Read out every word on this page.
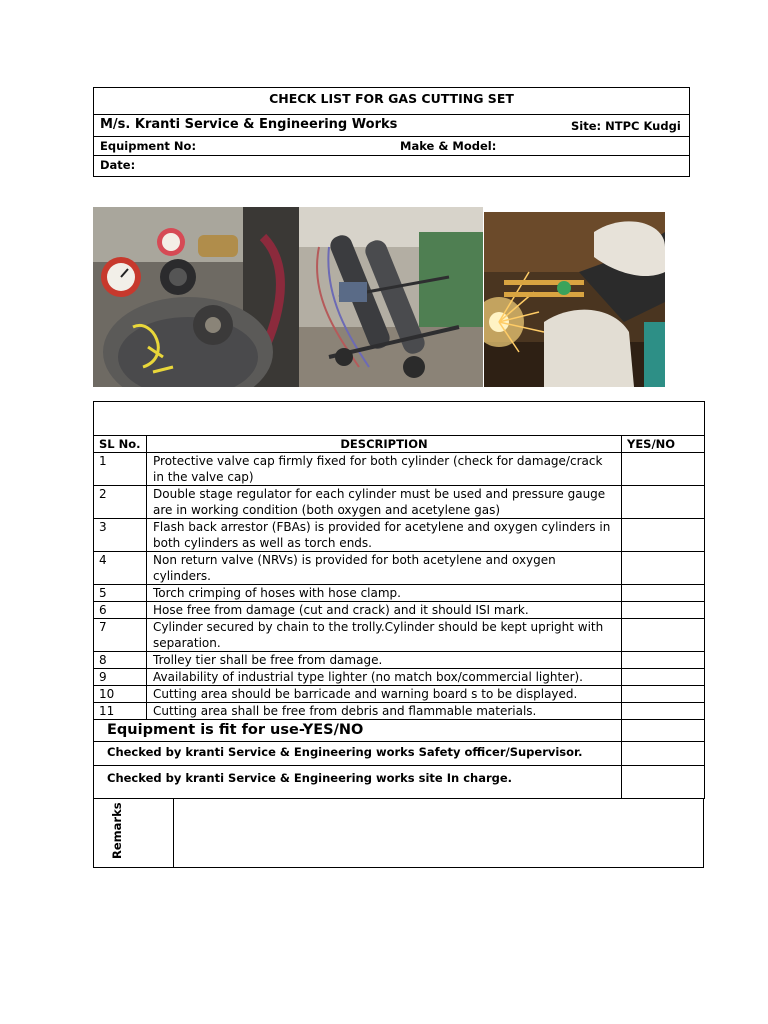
CHECK LIST FOR GAS CUTTING SET
M/s. Kranti Service & Engineering Works	Site: NTPC Kudgi
Equipment No:	Make & Model:
Date:

SL No.	DESCRIPTION	YES/NO
1	Protective valve cap firmly fixed for both cylinder (check for damage/crack in the valve cap)	
2	Double stage regulator for each cylinder must be used and pressure gauge are in working condition (both oxygen and acetylene gas)	
3	Flash back arrestor (FBAs) is provided for acetylene and oxygen cylinders in both cylinders as well as torch ends.	
4	Non return valve (NRVs) is provided for both acetylene and oxygen cylinders.	
5	Torch crimping of hoses with hose clamp.	
6	Hose free from damage (cut and crack) and it should ISI mark.	
7	Cylinder secured by chain to the trolly.Cylinder should be kept upright with separation.	
8	Trolley tier shall be free from damage.	
9	Availability of industrial type lighter (no match box/commercial lighter).	
10	Cutting area should be barricade and warning board s to be displayed.	
11	Cutting area shall be free from debris and flammable materials.	
Equipment is fit for use-YES/NO		
Checked by kranti Service & Engineering works Safety officer/Supervisor.		
Checked by kranti Service & Engineering works site In charge.		
Remarks
